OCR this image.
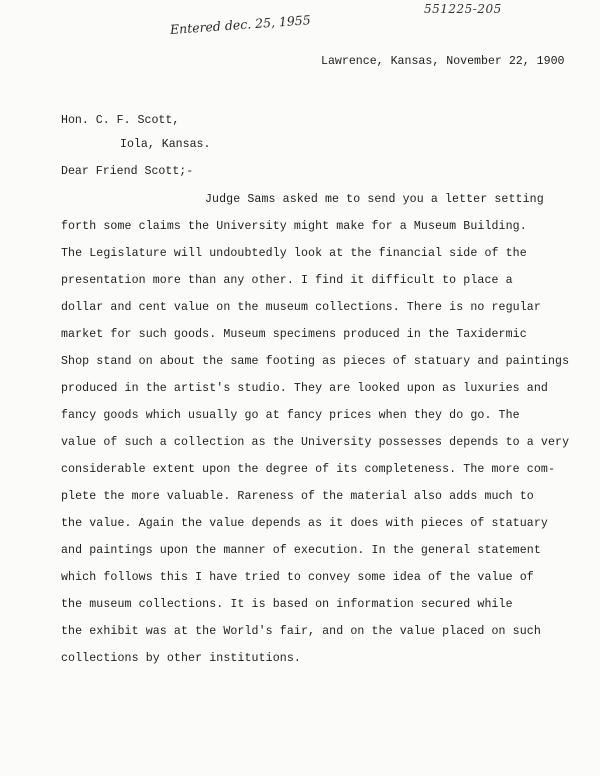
551225-205
Entered dec. 25, 1955
Lawrence, Kansas, November 22, 1900
Hon. C. F. Scott,
Iola, Kansas.
Dear Friend Scott;-
Judge Sams asked me to send you a letter setting
forth some claims the University might make for a Museum Building.
The Legislature will undoubtedly look at the financial side of the
presentation more than any other. I find it difficult to place a
dollar and cent value on the museum collections. There is no regular
market for such goods. Museum specimens produced in the Taxidermic
Shop stand on about the same footing as pieces of statuary and paintings
produced in the artist's studio. They are looked upon as luxuries and
fancy goods which usually go at fancy prices when they do go. The
value of such a collection as the University possesses depends to a very
considerable extent upon the degree of its completeness. The more com-
plete the more valuable. Rareness of the material also adds much to
the value. Again the value depends as it does with pieces of statuary
and paintings upon the manner of execution. In the general statement
which follows this I have tried to convey some idea of the value of
the museum collections. It is based on information secured while
the exhibit was at the World's fair, and on the value placed on such
collections by other institutions.
